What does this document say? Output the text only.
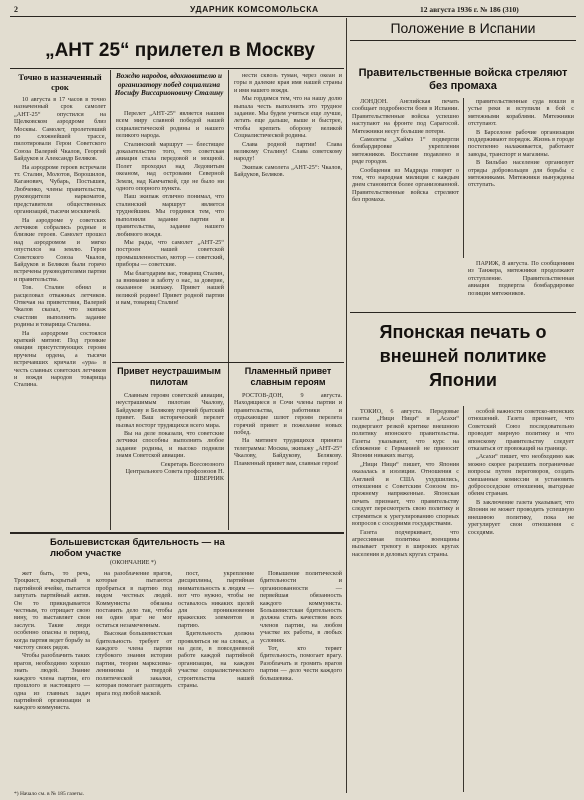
2	УДАРНИК КОМСОМОЛЬСКА	12 августа 1936 г. № 186 (310)
„АНТ 25“ прилетел в Москву
Точно в назначенный срок

10 августа в 17 часов в точно назначенный срок самолет „АНТ-25“ опустился на Щелковском аэродроме близ Москвы. Самолет, пролетевший по сложнейшей трассе, пилотировали Герои Советского Союза Валерий Чкалов, Георгий Байдуков и Александр Беляков.

На аэродроме героев встречали тт. Сталин, Молотов, Ворошилов, Каганович, Чубарь, Постышев, Любченко, члены правительства, руководители наркоматов, представители общественных организаций, тысячи москвичей.

На аэродроме у советских летчиков собрались родные и близкие героев. Самолет прошел над аэродромом и мягко опустился на землю. Герои Советского Союза Чкалов, Байдуков и Беляков были горячо встречены руководителями партии и правительства.

Тов. Сталин обнял и расцеловал отважных летчиков. Отвечая на приветствия, Валерий Чкалов сказал, что экипаж счастлив выполнить задание родины и товарища Сталина.

На аэродроме состоялся краткий митинг. Под громкие овации присутствующих героям вручены ордена, а тысячи встречавших кричали «ура» в честь славных советских летчиков и вождя народов товарища Сталина.

Вождю народов, вдохновителю и организатору побед социализма Иосифу Виссарионовичу Сталину

Перелет „АНТ-25“ является нашим всем миру славной победой нашей социалистической родины и нашего великого народа.

Сталинский маршрут — блестящее доказательство того, что советская авиация стала передовой и мощной. Полет проходил над Ледовитым океаном, над островами Северной Земли, над Камчаткой, где не было ни одного опорного пункта.

Наш экипаж отлично понимал, что сталинский маршрут является труднейшим. Мы гордимся тем, что выполнили задание партии и правительства, задание нашего любимого вождя.

Мы рады, что самолет „АНТ-25“ построен нашей советской промышленностью, мотор — советский, приборы — советские.

Мы благодарим вас, товарищ Сталин, за внимание и заботу о нас, за доверие, оказанное экипажу. Привет нашей великой родине! Привет родной партии и вам, товарищ Сталин!

нести сквозь туман, через океан и горы в далекие края имя нашей страны и имя нашего вождя.

Мы гордимся тем, что на нашу долю выпала честь выполнить это трудное задание. Мы будем учиться еще лучше, летать еще дальше, выше и быстрее, чтобы крепить оборону великой Социалистической родины.

Слава родной партии! Слава великому Сталину! Слава советскому народу!

Экипаж самолета „АНТ-25“: Чкалов, Байдуков, Беляков.

Привет неустрашимым пилотам

Славным героям советской авиации, неустрашимым пилотам Чкалову, Байдукову и Белякову горячий братский привет. Ваш исторический перелет вызвал восторг трудящихся всего мира.

Вы на деле показали, что советские летчики способны выполнить любое задание родины, и высоко подняли знамя Советской авиации.

Секретарь Всесоюзного Центрального Совета профсоюзов Н. ШВЕРНИК

Пламенный привет славным героям

РОСТОВ-ДОН, 9 августа. Находящиеся в Сочи члены партии и правительства, работники и отдыхающие шлют героям перелета горячий привет и пожелание новых побед.

На митинге трудящихся принята телеграмма: Москва, экипажу „АНТ-25“ Чкалову, Байдукову, Белякову. Пламенный привет вам, славные герои!

Большевистская бдительность — на любом участке
(ОКОНЧАНИЕ *)

жет быть, то речь, Троцкист, вскрытый в партийной ячейке, пытается запутать партийный актив. Он то прикидывается честным, то отрицает свою вину, то выставляет свои заслуги. Такие люди особенно опасны в период, когда партия ведет борьбу за чистоту своих рядов.

Чтобы разоблачить таких врагов, необходимо хорошо знать людей. Знание каждого члена партии, его прошлого и настоящего — одна из главных задач партийной организации и каждого коммуниста.

на разоблачение врагов, которые пытаются пробраться в партию под видом честных людей. Коммунисты обязаны поставить дело так, чтобы ни один враг не мог остаться незамеченным.

Высокая большевистская бдительность требует от каждого члена партии глубокого знания истории партии, теории марксизма-ленинизма и твердой политической закалки, которая помогает разглядеть врага под любой маской.

пост, укрепление дисциплины, партийная внимательность к людям — вот что нужно, чтобы не оставалось никаких щелей для проникновения вражеских элементов в партию.

Бдительность должна проявляться не на словах, а на деле, в повседневной работе каждой партийной организации, на каждом участке социалистического строительства нашей страны.

Повышение политической бдительности и организованности — первейшая обязанность каждого коммуниста. Большевистская бдительность должна стать качеством всех членов партии, на любом участке их работы, в любых условиях.

Тот, кто теряет бдительность, помогает врагу. Разоблачать и громить врагов партии — дело чести каждого большевика.

*) Начало см. в № 185 газеты.
Положение в Испании
Правительственные войска стреляют без промаха

ЛОНДОН. Английская печать сообщает подробности боев в Испании. Правительственные войска успешно наступают на фронте под Сарагосой. Мятежники несут большие потери.

Самолеты „Хаймэ 1“ подвергли бомбардировке укрепления мятежников. Восстание подавлено в ряде городов.

Сообщения из Мадрида говорят о том, что народная милиция с каждым днем становится более организованной. Правительственные войска стреляют без промаха.

правительственные суда вошли в устье реки и вступили в бой с мятежными кораблями. Мятежники отступают.

В Барселоне рабочие организации поддерживают порядок. Жизнь в городе постепенно налаживается, работают заводы, транспорт и магазины.

В Бильбао население организует отряды добровольцев для борьбы с мятежниками. Мятежники вынуждены отступать.

ПАРИЖ, 8 августа. По сообщениям из Танжера, мятежники продолжают отступление. Правительственная авиация подвергла бомбардировке позиции мятежников.

Японская печать о внешней политике Японии

ТОКИО, 6 августа. Передовые газеты „Ници Ници“ и „Асахи“ подвергают резкой критике внешнюю политику японского правительства. Газеты указывают, что курс на сближение с Германией не приносит Японии никаких выгод.

„Ници Ници“ пишет, что Япония оказалась в изоляции. Отношения с Англией и США ухудшились, отношения с Советским Союзом по-прежнему напряженные. Японская печать признает, что правительству следует пересмотреть свою политику и стремиться к урегулированию спорных вопросов с соседними государствами.

Газета подчеркивает, что агрессивная политика военщины вызывает тревогу в широких кругах населения и деловых кругах страны.

особой важности советско-японских отношений. Газета признает, что Советский Союз последовательно проводит мирную политику и что японскому правительству следует отказаться от провокаций на границе.

„Асахи“ пишет, что необходимо как можно скорее разрешить пограничные вопросы путем переговоров, создать смешанные комиссии и установить добрососедские отношения, выгодные обеим странам.

В заключение газета указывает, что Япония не может проводить успешную внешнюю политику, пока не урегулирует свои отношения с соседями.
